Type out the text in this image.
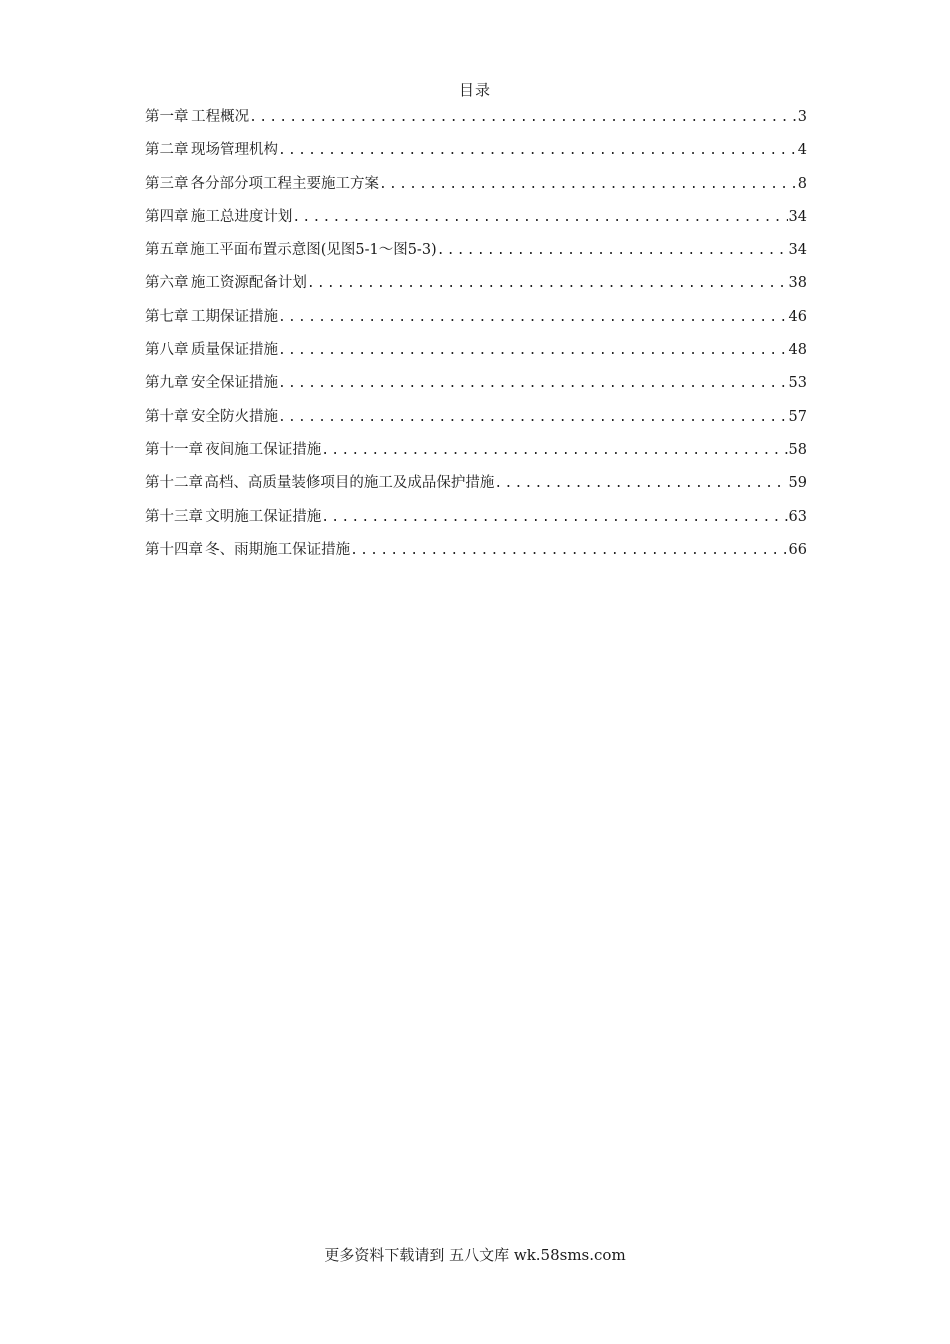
目录
第一章 工程概况 .....	3
第二章 现场管理机构 .....	4
第三章 各分部分项工程主要施工方案 .....	8
第四章 施工总进度计划 .....	34
第五章 施工平面布置示意图(见图5-1～图5-3) .....	34
第六章 施工资源配备计划 .....	38
第七章 工期保证措施 .....	46
第八章 质量保证措施 .....	48
第九章 安全保证措施 .....	53
第十章 安全防火措施 .....	57
第十一章 夜间施工保证措施 .....	58
第十二章 高档、高质量装修项目的施工及成品保护措施 .....	59
第十三章 文明施工保证措施 .....	63
第十四章 冬、雨期施工保证措施 .....	66
更多资料下载请到 五八文库 wk.58sms.com
